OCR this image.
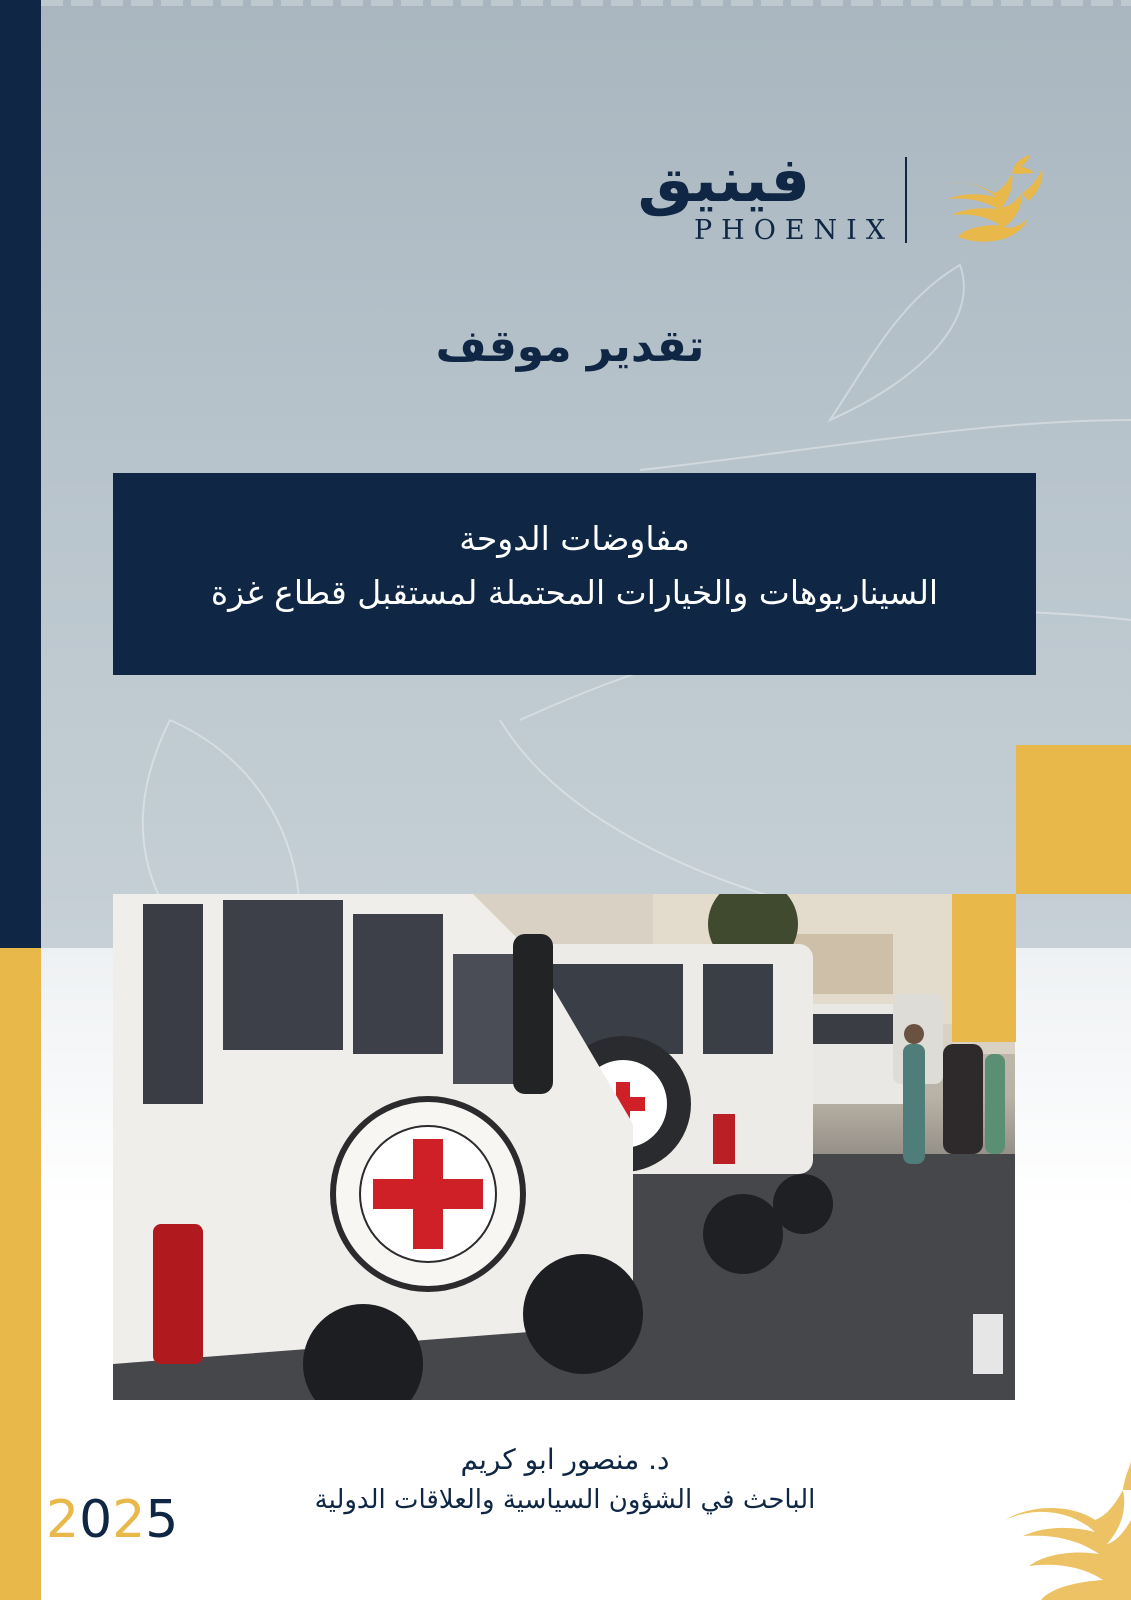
فينيق
PHOENIX
تقدير موقف
مفاوضات الدوحة
السيناريوهات والخيارات المحتملة لمستقبل قطاع غزة
د. منصور ابو كريم
الباحث في الشؤون السياسية والعلاقات الدولية
2025
